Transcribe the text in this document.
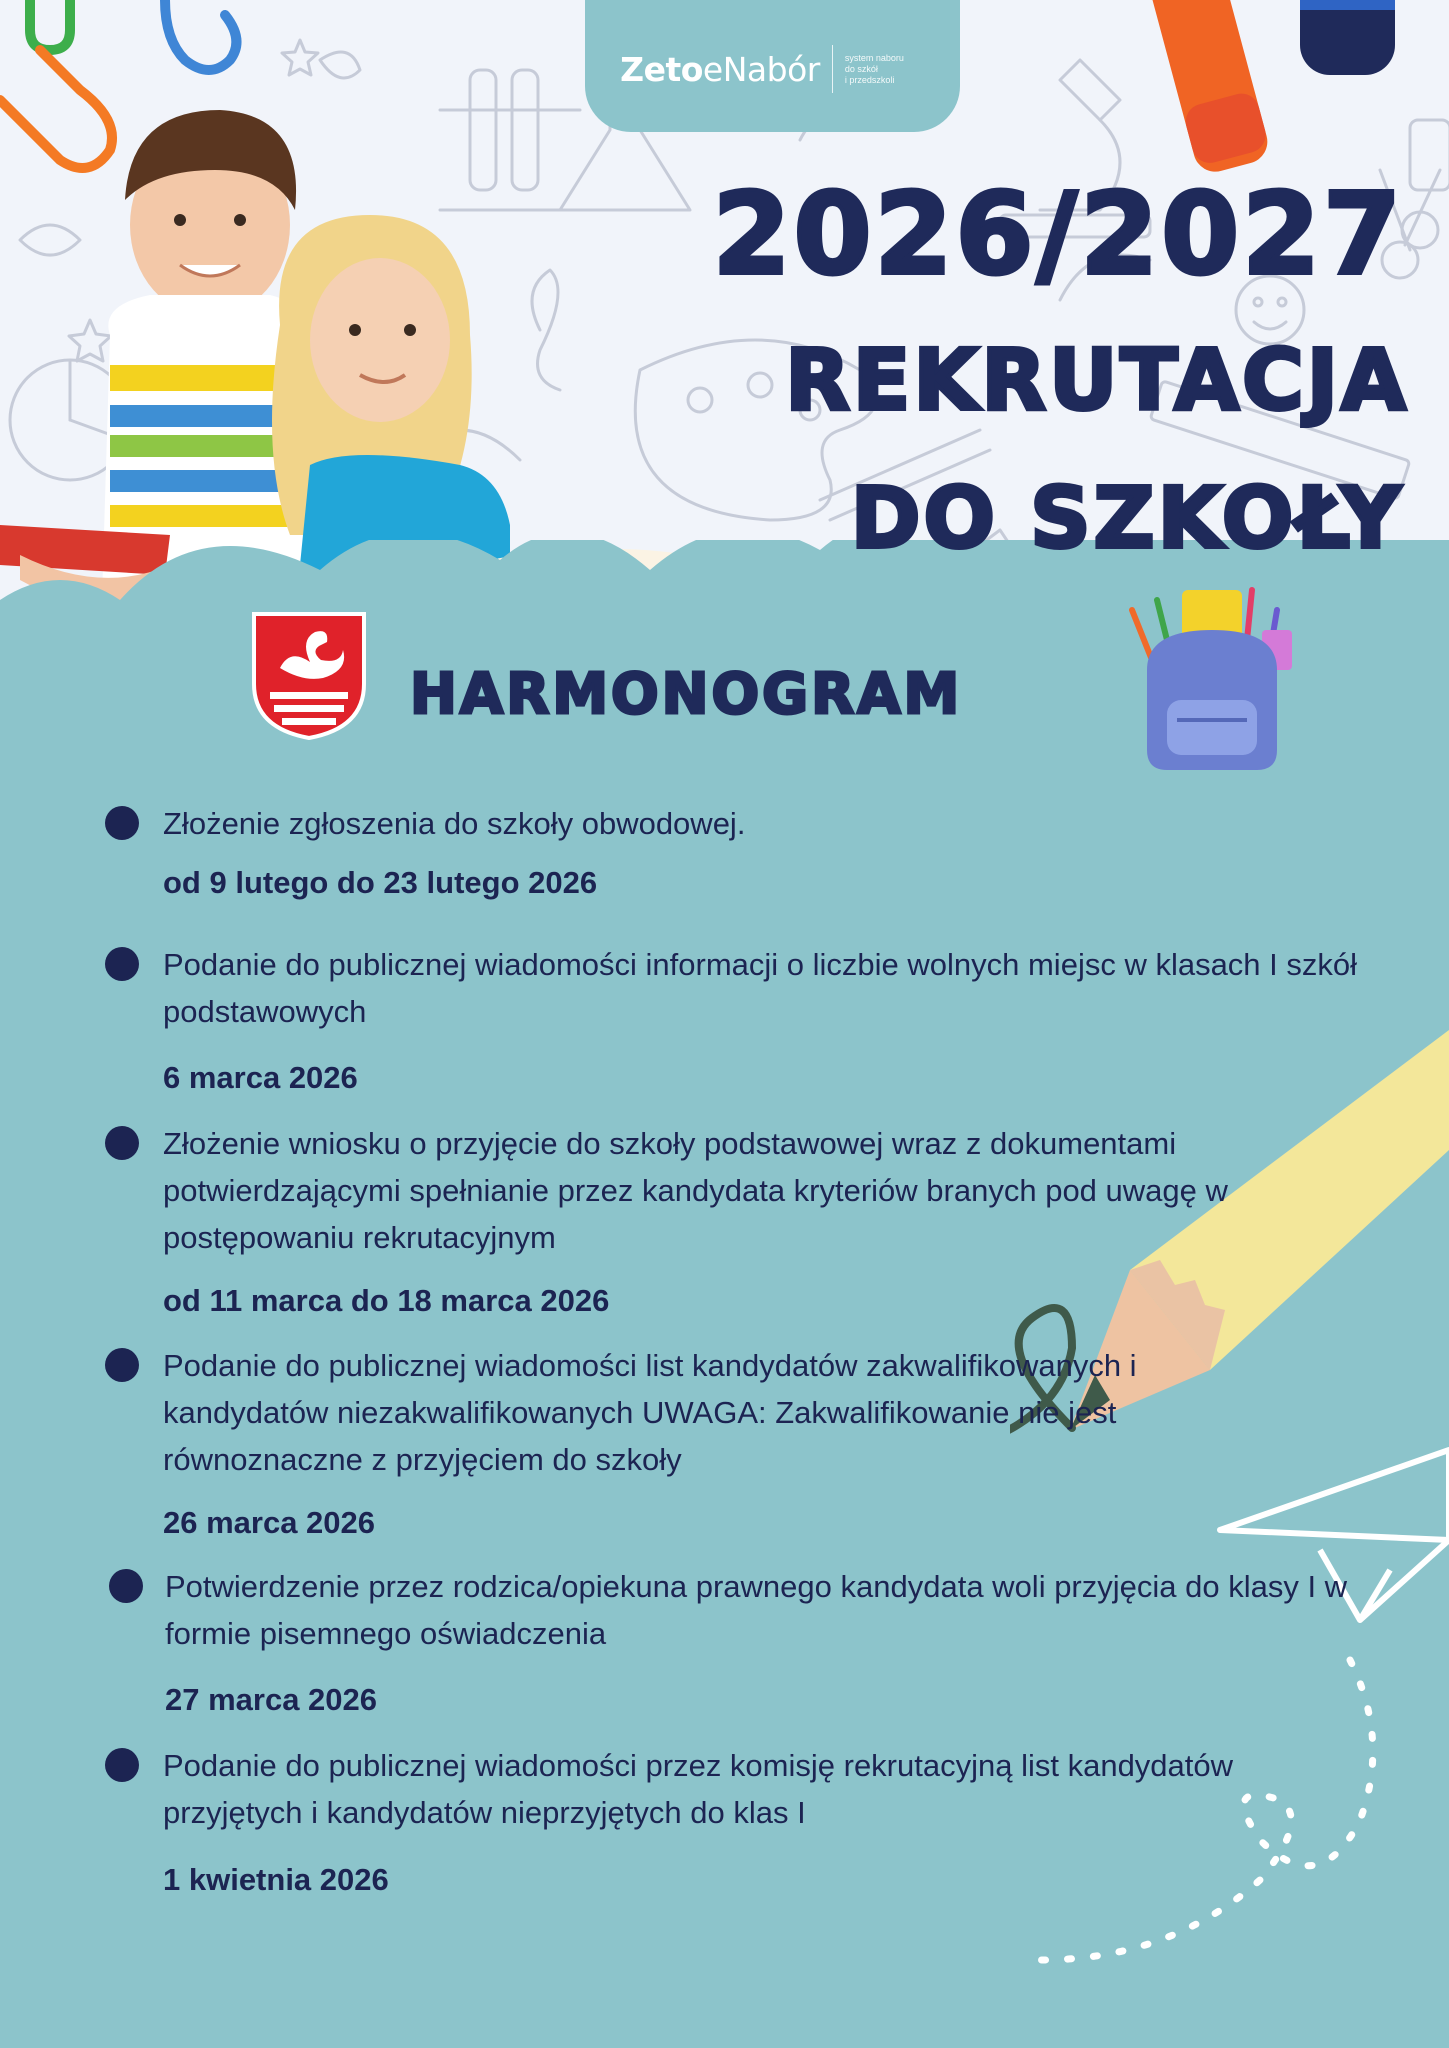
ZetoeNabór	system naboru
do szkół
i przedszkoli
2026/2027
REKRUTACJA
DO SZKOŁY
HARMONOGRAM
Złożenie zgłoszenia do szkoły obwodowej.
od 9 lutego do 23 lutego 2026
Podanie do publicznej wiadomości informacji o liczbie wolnych miejsc w klasach I szkół podstawowych
6 marca 2026
Złożenie wniosku o przyjęcie do szkoły podstawowej wraz z dokumentami potwierdzającymi spełnianie przez kandydata kryteriów branych pod uwagę w postępowaniu rekrutacyjnym
od 11 marca do 18 marca 2026
Podanie do publicznej wiadomości list kandydatów zakwalifikowanych i kandydatów niezakwalifikowanych UWAGA: Zakwalifikowanie nie jest równoznaczne z przyjęciem do szkoły
26 marca 2026
Potwierdzenie przez rodzica/opiekuna prawnego kandydata woli przyjęcia do klasy I w formie pisemnego oświadczenia
27 marca 2026
Podanie do publicznej wiadomości przez komisję rekrutacyjną list kandydatów przyjętych i kandydatów nieprzyjętych do klas I
1 kwietnia 2026
